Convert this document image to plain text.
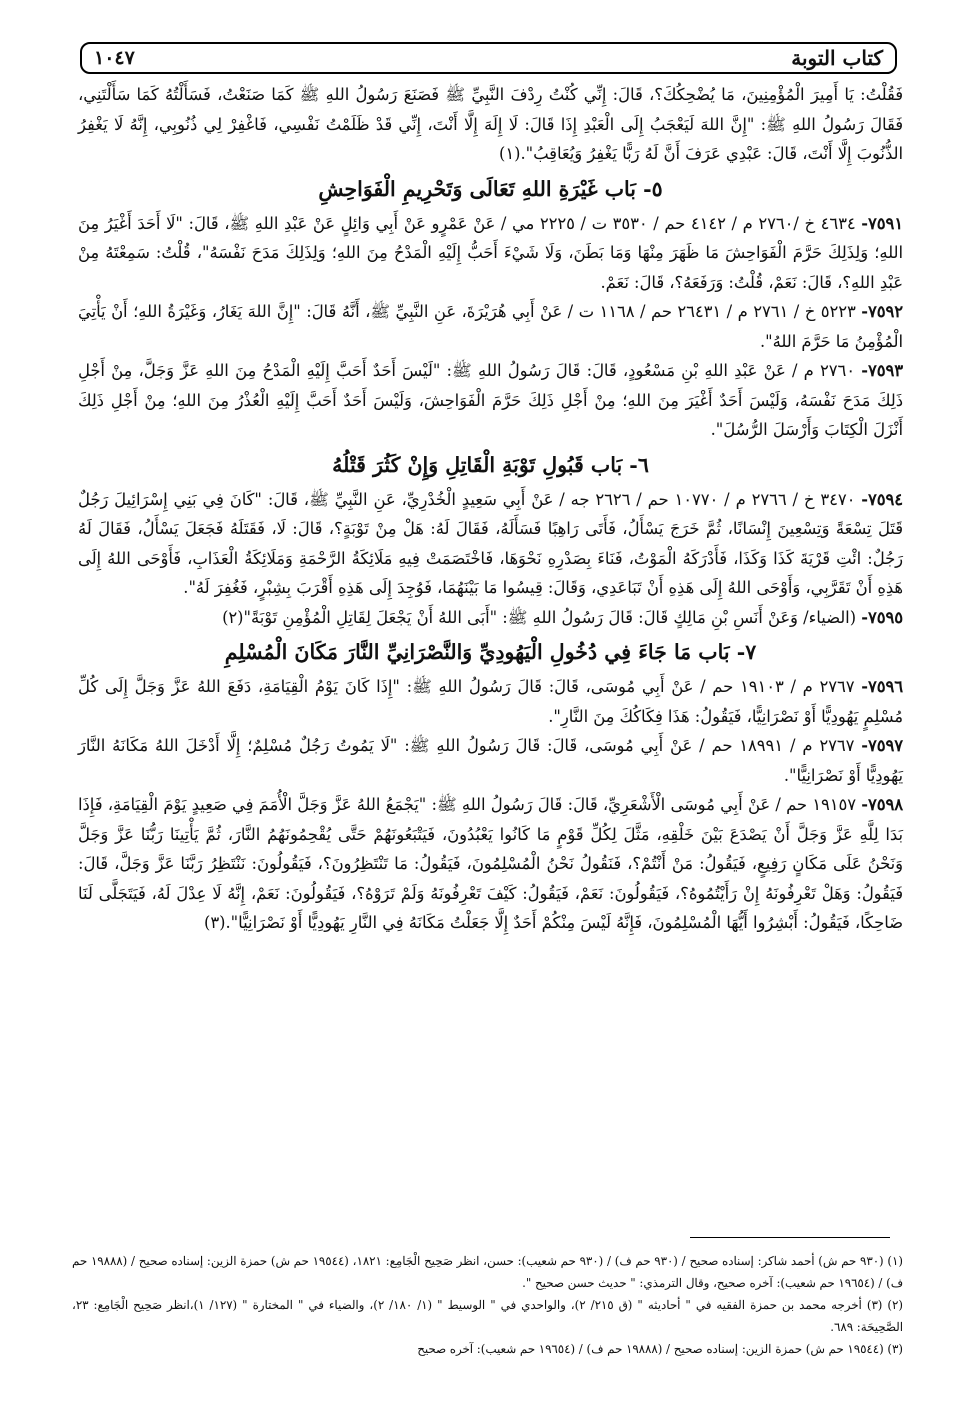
كتاب التوبة
١٠٤٧

فَقُلْتُ: يَا أَمِيرَ الْمُؤْمِنِينَ، مَا يُضْحِكُكَ؟، قَالَ: إِنِّي كُنْتُ رِدْفَ النَّبِيِّ ﷺ فَصَنَعَ رَسُولُ اللهِ ﷺ كَمَا صَنَعْتُ، فَسَأَلْتُهُ كَمَا سَأَلْتَنِي، فَقَالَ رَسُولُ اللهِ ﷺ: "إِنَّ اللهَ لَيَعْجَبُ إِلَى الْعَبْدِ إِذَا قَالَ: لَا إِلَهَ إِلَّا أَنْتَ، إِنِّي قَدْ ظَلَمْتُ نَفْسِي، فَاغْفِرْ لِي ذُنُوبِي، إِنَّهُ لَا يَغْفِرُ الذُّنُوبَ إِلَّا أَنْتَ، قَالَ: عَبْدِي عَرَفَ أَنَّ لَهُ رَبًّا يَغْفِرُ وَيُعَاقِبُ".(١)

٥- بَاب غَيْرَةِ اللهِ تَعَالَى وَتَحْرِيمِ الْفَوَاحِشِ

٧٥٩١- ٤٦٣٤ خ /٢٧٦٠ م / ٤١٤٢ حم / ٣٥٣٠ ت / ٢٢٢٥ مي / عَنْ عَمْرٍو عَنْ أَبِي وَائِلٍ عَنْ عَبْدِ اللهِ ﷺ، قَالَ: "لَا أَحَدَ أَغْيَرُ مِنَ اللهِ؛ وَلِذَلِكَ حَرَّمَ الْفَوَاحِشَ مَا ظَهَرَ مِنْهَا وَمَا بَطَنَ، وَلَا شَيْءَ أَحَبُّ إِلَيْهِ الْمَدْحُ مِنَ اللهِ؛ وَلِذَلِكَ مَدَحَ نَفْسَهُ"، قُلْتُ: سَمِعْتَهُ مِنْ عَبْدِ اللهِ؟، قَالَ: نَعَمْ، قُلْتُ: وَرَفَعَهُ؟، قَالَ: نَعَمْ.

٧٥٩٢- ٥٢٢٣ خ / ٢٧٦١ م / ٢٦٤٣١ حم / ١١٦٨ ت / عَنْ أَبِي هُرَيْرَةَ، عَنِ النَّبِيِّ ﷺ، أَنَّهُ قَالَ: "إِنَّ اللهَ يَغَارُ، وَغَيْرَةُ اللهِ؛ أَنْ يَأْتِيَ الْمُؤْمِنُ مَا حَرَّمَ اللهُ".

٧٥٩٣- ٢٧٦٠ م / عَنْ عَبْدِ اللهِ بْنِ مَسْعُودٍ، قَالَ: قَالَ رَسُولُ اللهِ ﷺ: "لَيْسَ أَحَدٌ أَحَبَّ إِلَيْهِ الْمَدْحُ مِنَ اللهِ عَزَّ وَجَلَّ، مِنْ أَجْلِ ذَلِكَ مَدَحَ نَفْسَهُ، وَلَيْسَ أَحَدٌ أَغْيَرَ مِنَ اللهِ؛ مِنْ أَجْلِ ذَلِكَ حَرَّمَ الْفَوَاحِشَ، وَلَيْسَ أَحَدٌ أَحَبَّ إِلَيْهِ الْعُذْرُ مِنَ اللهِ؛ مِنْ أَجْلِ ذَلِكَ أَنْزَلَ الْكِتَابَ وَأَرْسَلَ الرُّسُلَ".

٦- بَاب قَبُولِ تَوْبَةِ الْقَاتِلِ وَإِنْ كَثُرَ قَتْلُهُ

٧٥٩٤- ٣٤٧٠ خ / ٢٧٦٦ م / ١٠٧٧٠ حم / ٢٦٢٦ جه / عَنْ أَبِي سَعِيدٍ الْخُدْرِيِّ، عَنِ النَّبِيِّ ﷺ، قَالَ: "كَانَ فِي بَنِي إِسْرَائِيلَ رَجُلٌ قَتَلَ تِسْعَةً وَتِسْعِينَ إِنْسَانًا، ثُمَّ خَرَجَ يَسْأَلُ، فَأَتَى رَاهِبًا فَسَأَلَهُ، فَقَالَ لَهُ: هَلْ مِنْ تَوْبَةٍ؟، قَالَ: لَا، فَقَتَلَهُ فَجَعَلَ يَسْأَلُ، فَقَالَ لَهُ رَجُلٌ: ائْتِ قَرْيَةَ كَذَا وَكَذَا، فَأَدْرَكَهُ الْمَوْتُ، فَنَاءَ بِصَدْرِهِ نَحْوَهَا، فَاخْتَصَمَتْ فِيهِ مَلَائِكَةُ الرَّحْمَةِ وَمَلَائِكَةُ الْعَذَابِ، فَأَوْحَى اللهُ إِلَى هَذِهِ أَنْ تَقَرَّبِي، وَأَوْحَى اللهُ إِلَى هَذِهِ أَنْ تَبَاعَدِي، وَقَالَ: قِيسُوا مَا بَيْنَهُمَا، فَوُجِدَ إِلَى هَذِهِ أَقْرَبَ بِشِبْرٍ، فَغُفِرَ لَهُ".

٧٥٩٥- (الضياء/ وَعَنْ أَنَسِ بْنِ مَالِكٍ قَالَ: قَالَ رَسُولُ اللهِ ﷺ: "أَبَى اللهُ أَنْ يَجْعَلَ لِقَاتِلِ الْمُؤْمِنِ تَوْبَةً"(٢)

٧- بَاب مَا جَاءَ فِي دُخُولِ الْيَهُودِيِّ وَالنَّصْرَانِيِّ النَّارَ مَكَانَ الْمُسْلِمِ

٧٥٩٦- ٢٧٦٧ م / ١٩١٠٣ حم / عَنْ أَبِي مُوسَى، قَالَ: قَالَ رَسُولُ اللهِ ﷺ: "إِذَا كَانَ يَوْمُ الْقِيَامَةِ، دَفَعَ اللهُ عَزَّ وَجَلَّ إِلَى كُلِّ مُسْلِمٍ يَهُودِيًّا أَوْ نَصْرَانِيًّا، فَيَقُولُ: هَذَا فِكَاكُكَ مِنَ النَّارِ".

٧٥٩٧- ٢٧٦٧ م / ١٨٩٩١ حم / عَنْ أَبِي مُوسَى، قَالَ: قَالَ رَسُولُ اللهِ ﷺ: "لَا يَمُوتُ رَجُلٌ مُسْلِمٌ؛ إِلَّا أَدْخَلَ اللهُ مَكَانَهُ النَّارَ يَهُودِيًّا أَوْ نَصْرَانِيًّا".

٧٥٩٨- ١٩١٥٧ حم / عَنْ أَبِي مُوسَى الْأَشْعَرِيِّ، قَالَ: قَالَ رَسُولُ اللهِ ﷺ: "يَجْمَعُ اللهُ عَزَّ وَجَلَّ الْأُمَمَ فِي صَعِيدٍ يَوْمَ الْقِيَامَةِ، فَإِذَا بَدَا لِلَّهِ عَزَّ وَجَلَّ أَنْ يَصْدَعَ بَيْنَ خَلْقِهِ، مَثَّلَ لِكُلِّ قَوْمٍ مَا كَانُوا يَعْبُدُونَ، فَيَتْبَعُونَهُمْ حَتَّى يُقْحِمُونَهُمُ النَّارَ، ثُمَّ يَأْتِينَا رَبُّنَا عَزَّ وَجَلَّ وَنَحْنُ عَلَى مَكَانٍ رَفِيعٍ، فَيَقُولُ: مَنْ أَنْتُمْ؟، فَنَقُولُ نَحْنُ الْمُسْلِمُونَ، فَيَقُولُ: مَا تَنْتَظِرُونَ؟، فَيَقُولُونَ: نَنْتَظِرُ رَبَّنَا عَزَّ وَجَلَّ، قَالَ: فَيَقُولُ: وَهَلْ تَعْرِفُونَهُ إِنْ رَأَيْتُمُوهُ؟، فَيَقُولُونَ: نَعَمْ، فَيَقُولُ: كَيْفَ تَعْرِفُونَهُ وَلَمْ تَرَوْهُ؟، فَيَقُولُونَ: نَعَمْ، إِنَّهُ لَا عِدْلَ لَهُ، فَيَتَجَلَّى لَنَا ضَاحِكًا، فَيَقُولُ: أَبْشِرُوا أَيُّهَا الْمُسْلِمُونَ، فَإِنَّهُ لَيْسَ مِنْكُمْ أَحَدٌ إِلَّا جَعَلْتُ مَكَانَهُ فِي النَّارِ يَهُودِيًّا أَوْ نَصْرَانِيًّا".(٣)

(١) (٩٣٠ حم ش) أحمد شاكر: إسناده صحيح / (٩٣٠ حم ف) / (٩٣٠ حم شعيب): حسن، انظر صَحِيح الْجَامِع: ١٨٢١، (١٩٥٤٤ حم ش) حمزة الزين: إسناده صحيح / (١٩٨٨٨ حم ف) / (١٩٦٥٤ حم شعيب): آخره صحيح، وقال الترمذي: " حديث حسن صحيح ".

(٢) (٣) أخرجه محمد بن حمزة الفقيه في " أحاديثه " (ق ٢١٥/ ٢)، والواحدي في " الوسيط " (١/ ١٨٠/ ٢)، والضياء في " المختارة " (١٢٧/ ١)،انظر صَحِيح الْجَامِع: ٢٣، الصَّحِيحَة: ٦٨٩.

(٣) (١٩٥٤٤ حم ش) حمزة الزين: إسناده صحيح / (١٩٨٨٨ حم ف) / (١٩٦٥٤ حم شعيب): آخره صحيح
